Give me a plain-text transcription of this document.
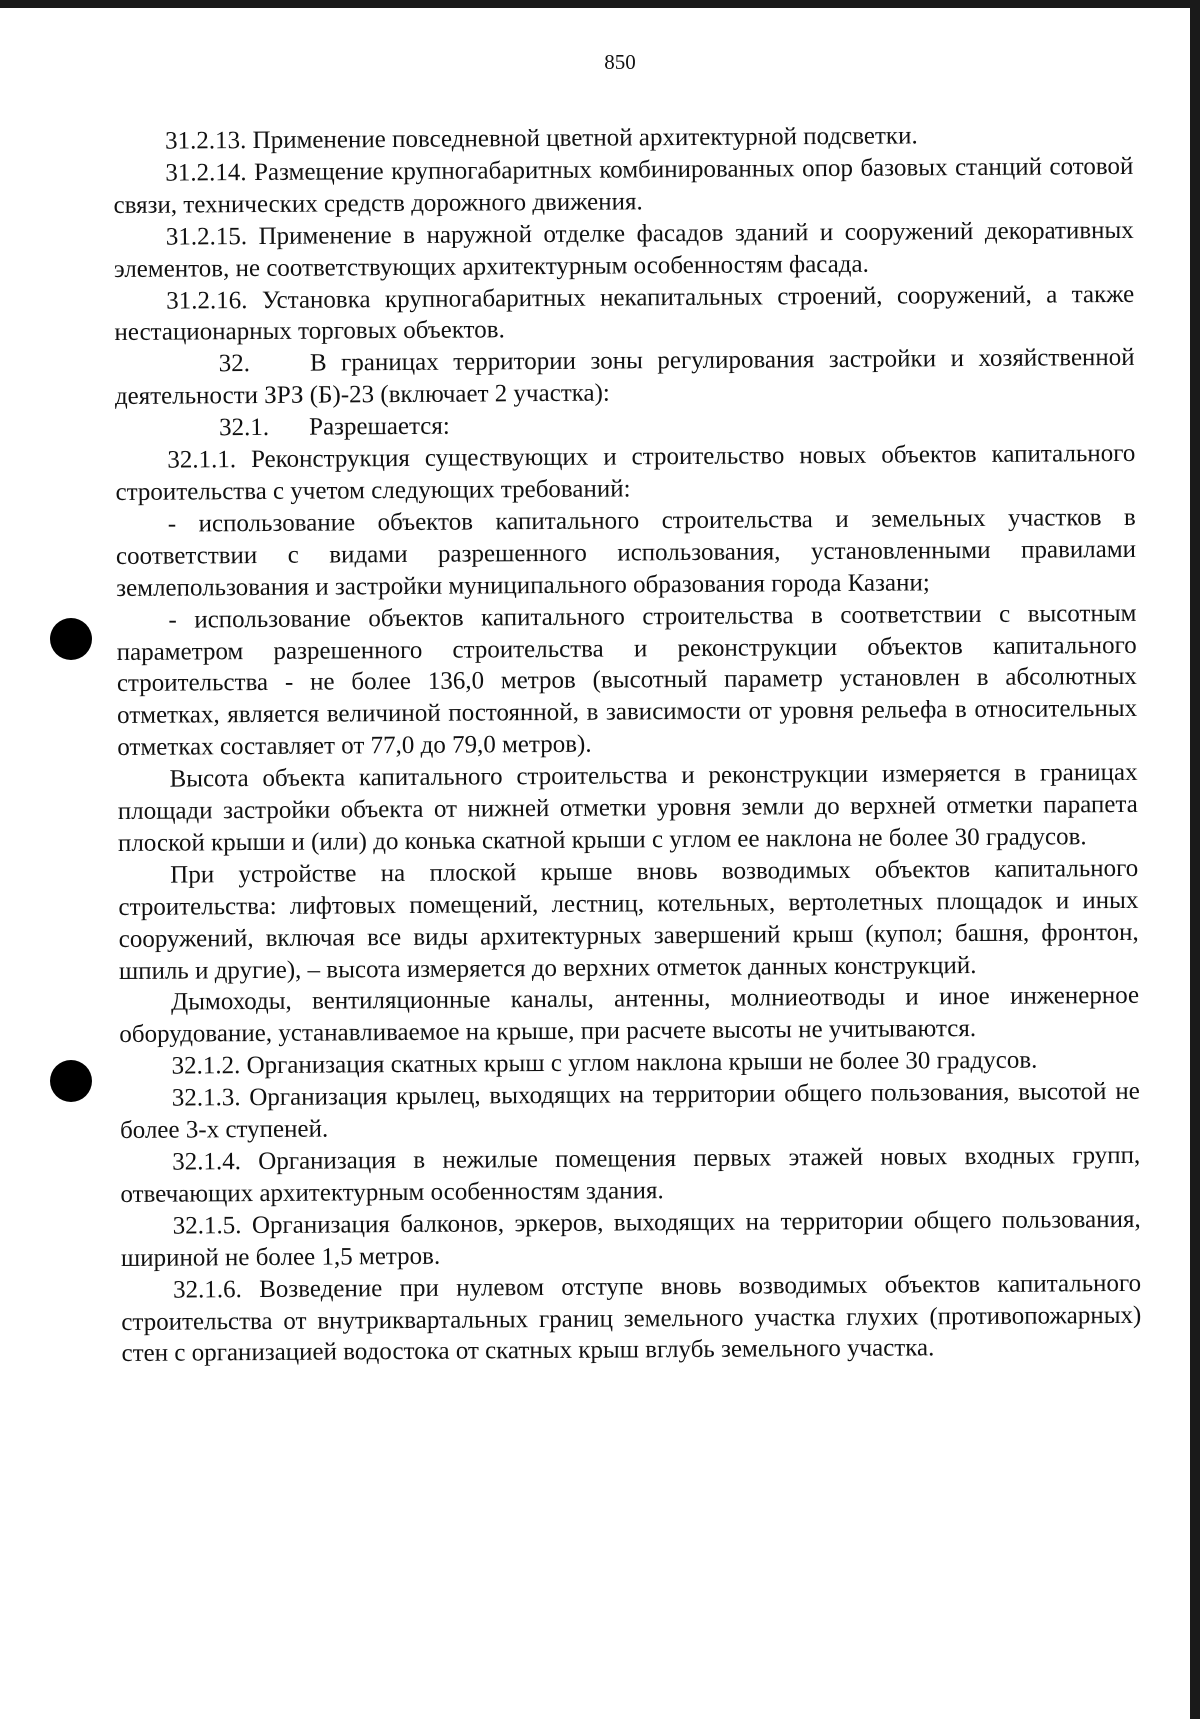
850

31.2.13. Применение повседневной цветной архитектурной подсветки.

31.2.14. Размещение крупногабаритных комбинированных опор базовых станций сотовой связи, технических средств дорожного движения.

31.2.15. Применение в наружной отделке фасадов зданий и сооружений декоративных элементов, не соответствующих архитектурным особенностям фасада.

31.2.16. Установка крупногабаритных некапитальных строений, сооружений, а также нестационарных торговых объектов.

32. В границах территории зоны регулирования застройки и хозяйственной деятельности ЗРЗ (Б)-23 (включает 2 участка):

32.1. Разрешается:

32.1.1. Реконструкция существующих и строительство новых объектов капитального строительства с учетом следующих требований:

- использование объектов капитального строительства и земельных участков в соответствии с видами разрешенного использования, установленными правилами землепользования и застройки муниципального образования города Казани;

- использование объектов капитального строительства в соответствии с высотным параметром разрешенного строительства и реконструкции объектов капитального строительства - не более 136,0 метров (высотный параметр установлен в абсолютных отметках, является величиной постоянной, в зависимости от уровня рельефа в относительных отметках составляет от 77,0 до 79,0 метров).

Высота объекта капитального строительства и реконструкции измеряется в границах площади застройки объекта от нижней отметки уровня земли до верхней отметки парапета плоской крыши и (или) до конька скатной крыши с углом ее наклона не более 30 градусов.

При устройстве на плоской крыше вновь возводимых объектов капитального строительства: лифтовых помещений, лестниц, котельных, вертолетных площадок и иных сооружений, включая все виды архитектурных завершений крыш (купол; башня, фронтон, шпиль и другие), – высота измеряется до верхних отметок данных конструкций.

Дымоходы, вентиляционные каналы, антенны, молниеотводы и иное инженерное оборудование, устанавливаемое на крыше, при расчете высоты не учитываются.

32.1.2. Организация скатных крыш с углом наклона крыши не более 30 градусов.

32.1.3. Организация крылец, выходящих на территории общего пользования, высотой не более 3-х ступеней.

32.1.4. Организация в нежилые помещения первых этажей новых входных групп, отвечающих архитектурным особенностям здания.

32.1.5. Организация балконов, эркеров, выходящих на территории общего пользования, шириной не более 1,5 метров.

32.1.6. Возведение при нулевом отступе вновь возводимых объектов капитального строительства от внутриквартальных границ земельного участка глухих (противопожарных) стен с организацией водостока от скатных крыш вглубь земельного участка.
